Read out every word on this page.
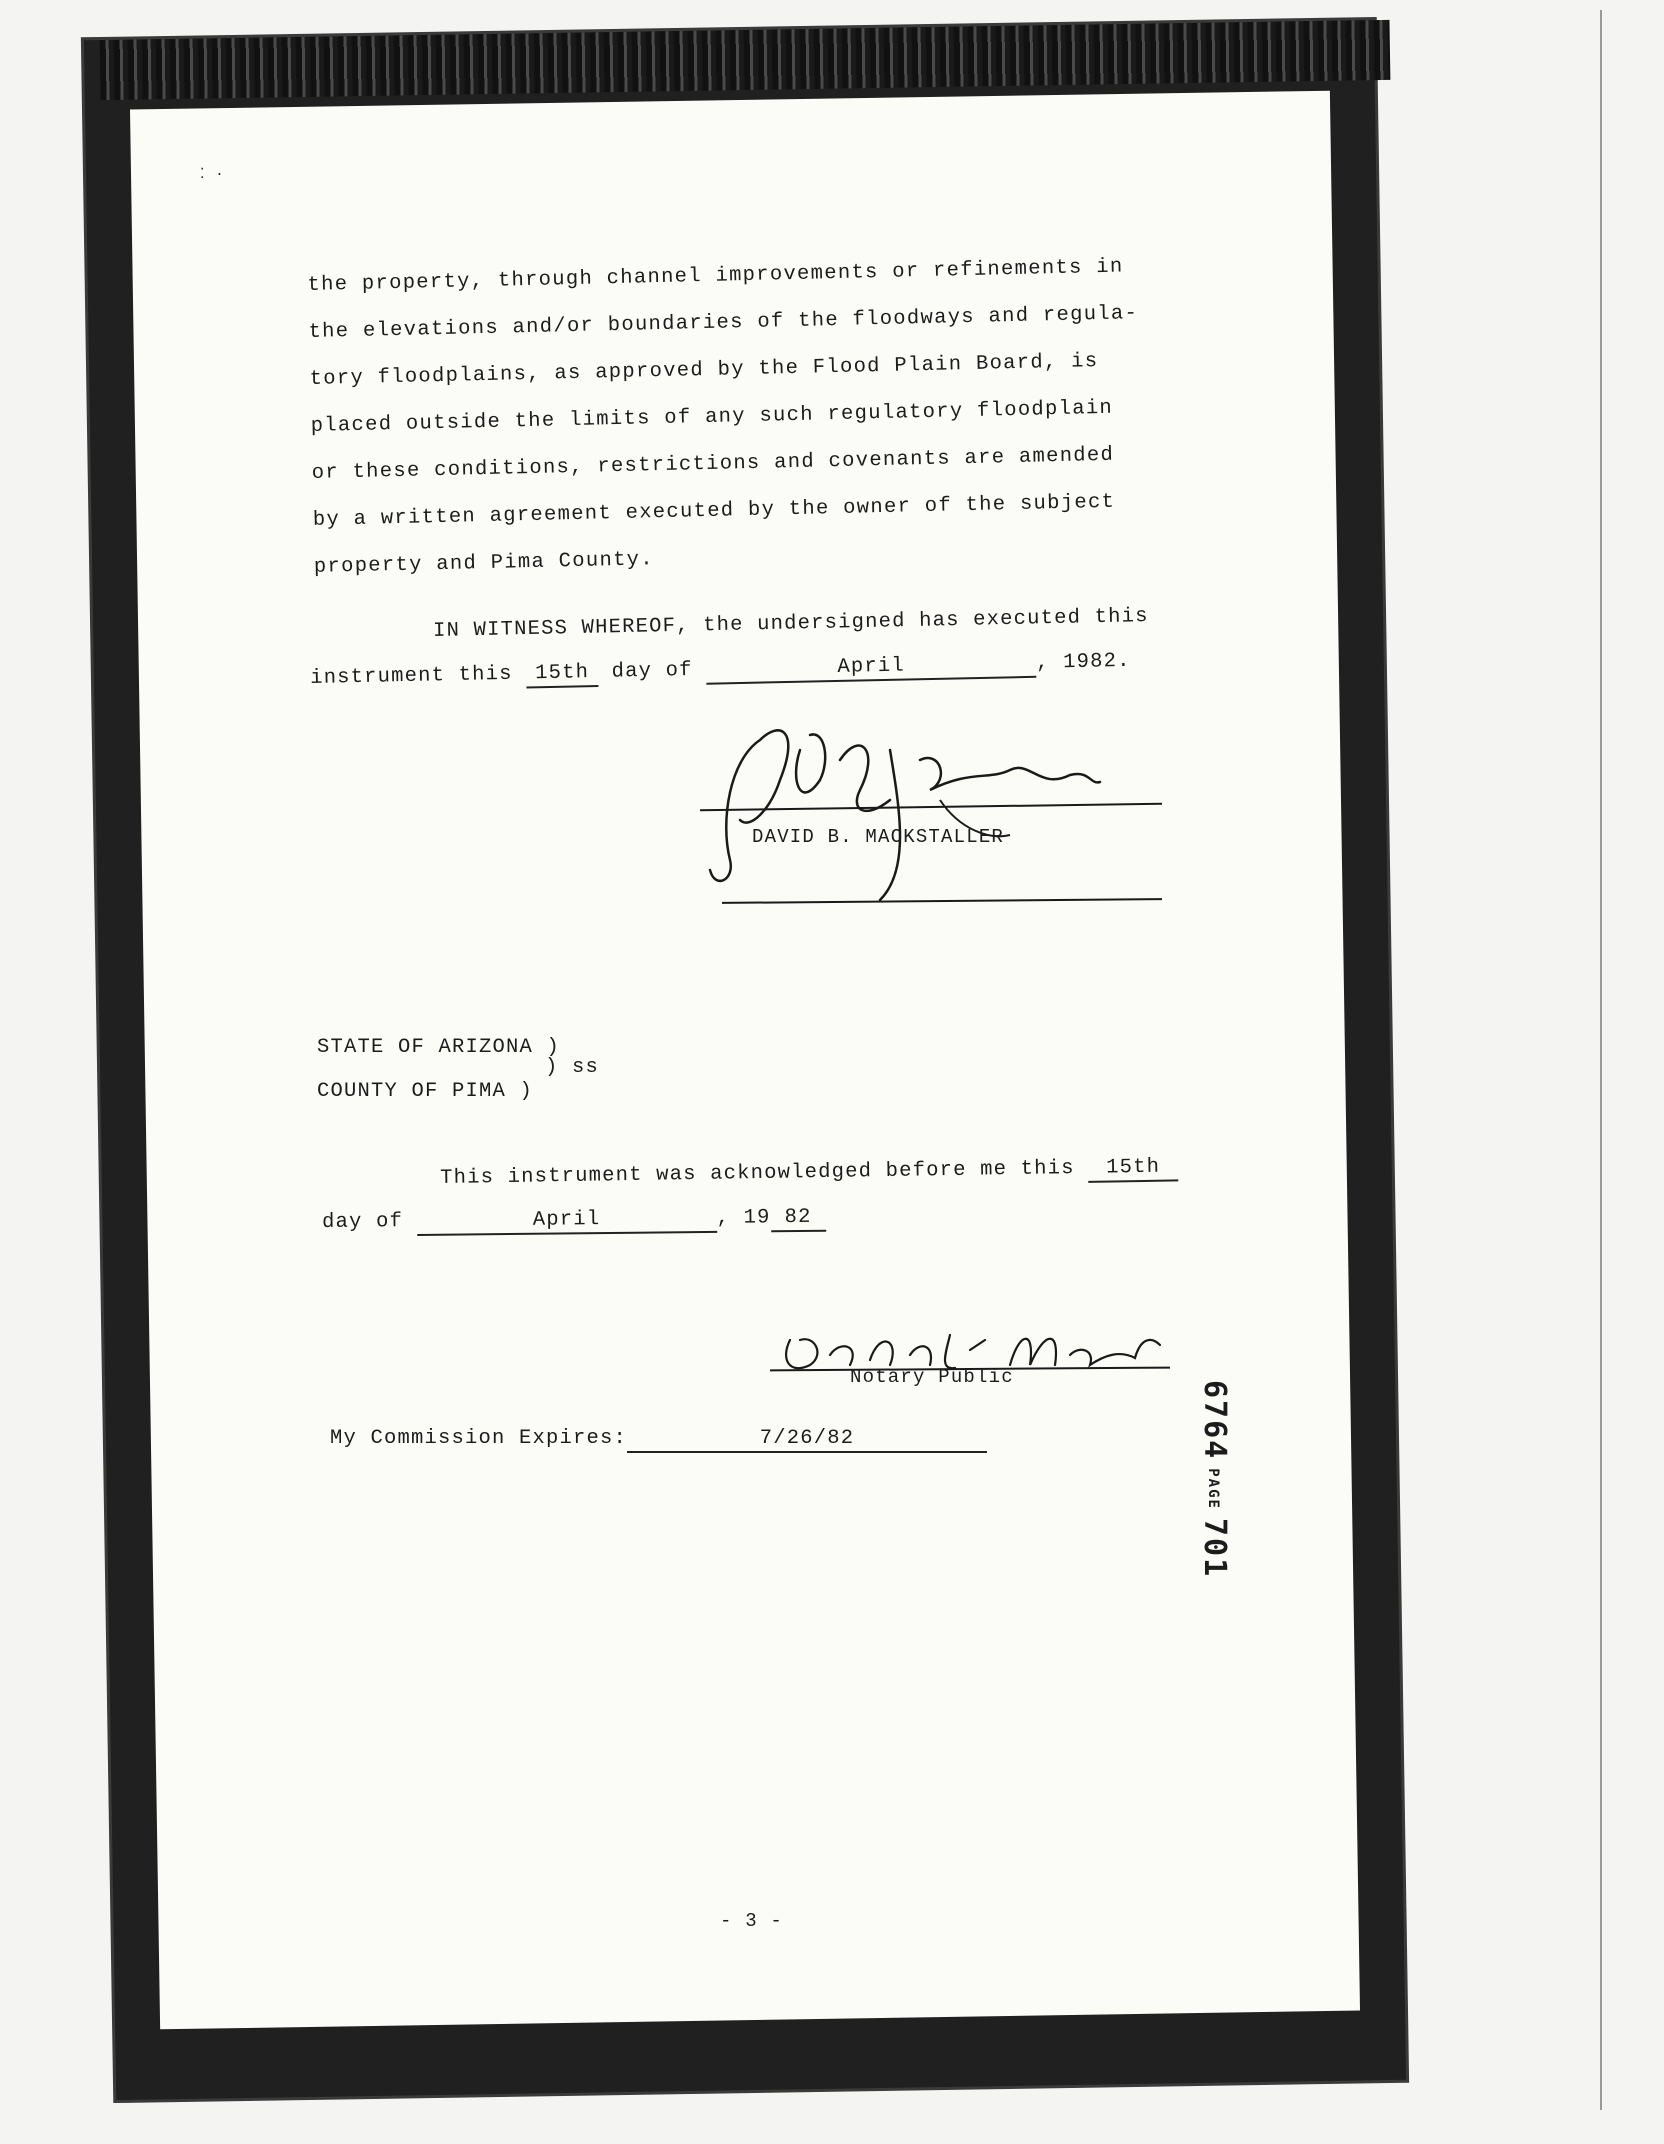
⁚ ·
the property, through channel improvements or refinements in
the elevations and/or boundaries of the floodways and regula-
tory floodplains, as approved by the Flood Plain Board, is
placed outside the limits of any such regulatory floodplain
or these conditions, restrictions and covenants are amended
by a written agreement executed by the owner of the subject
property and Pima County.
IN WITNESS WHEREOF, the undersigned has executed this
instrument this 15th day of	April	, 1982.
DAVID B. MACKSTALLER
STATE OF ARIZONA )
) ss
COUNTY OF PIMA )
This instrument was acknowledged before me this 15th
day of	April	, 19 82
Notary Public
My Commission Expires:	7/26/82	6764PAGE701
- 3 -
